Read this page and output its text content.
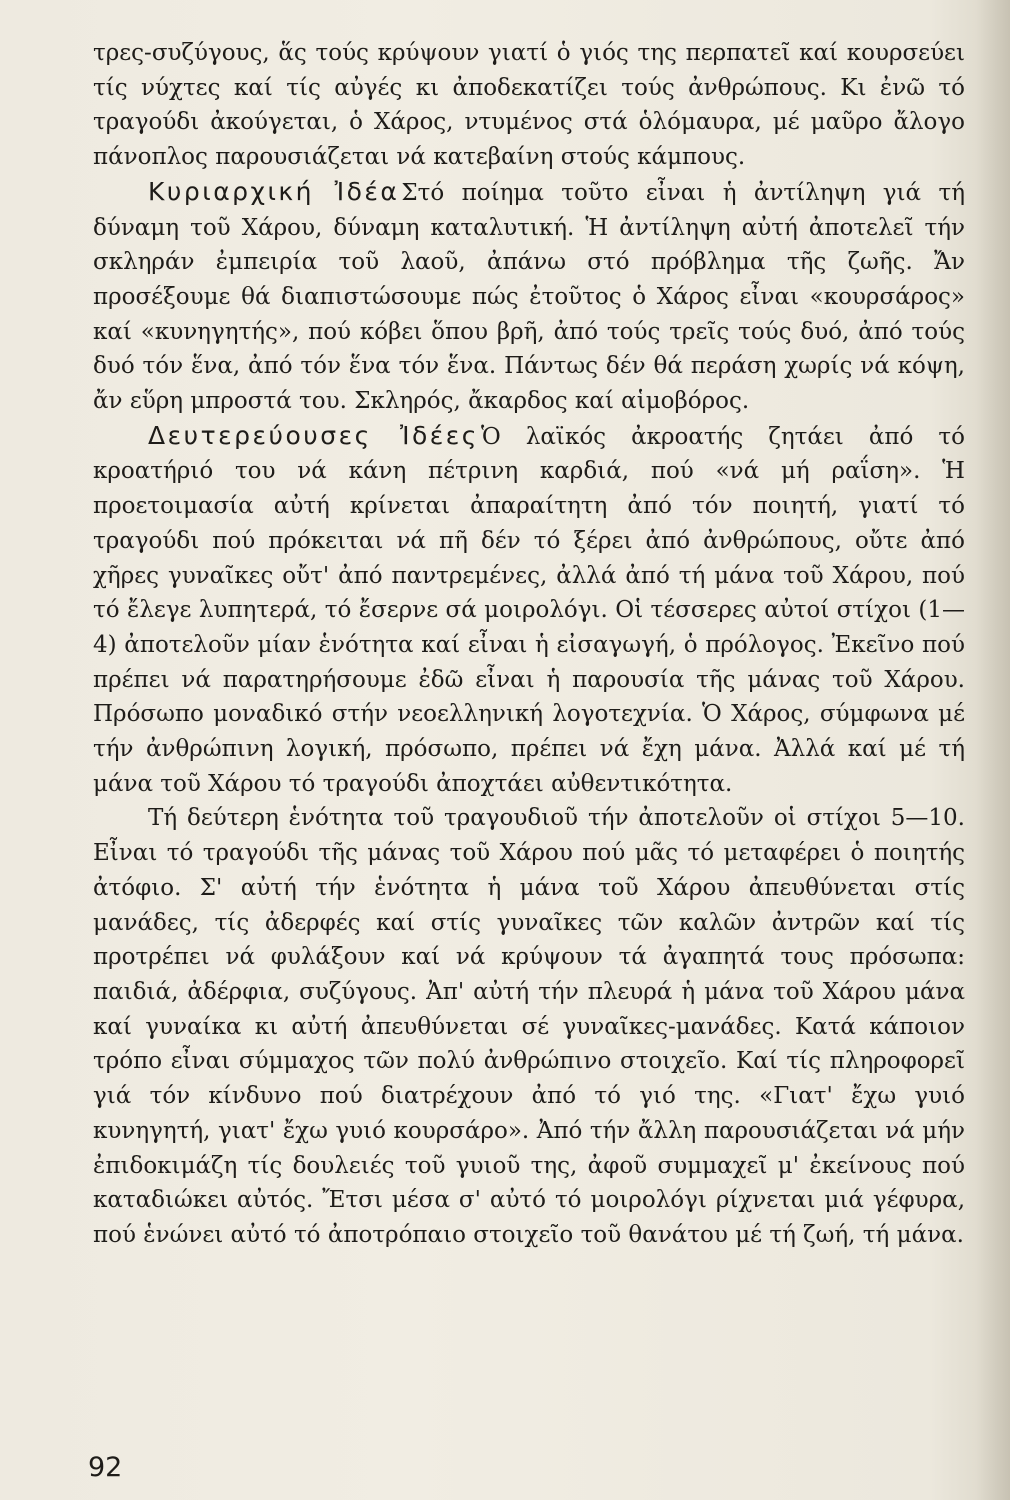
τρες-συζύγους, ἅς τούς κρύψουν γιατί ὁ γιός της περπατεῖ καί κουρσεύει τίς νύχτες καί τίς αὐγές κι ἀποδεκατίζει τούς ἀνθρώπους. Κι ἐνῶ τό τραγούδι ἀκούγεται, ὁ Χάρος, ντυμένος στά ὁλόμαυρα, μέ μαῦρο ἄλογο πάνοπλος παρουσιάζεται νά κατεβαίνη στούς κάμπους.

Κυριαρχική ἸδέαΣτό ποίημα τοῦτο εἶναι ἡ ἀντίληψη γιά τή δύναμη τοῦ Χάρου, δύναμη καταλυτική. Ἡ ἀντίληψη αὐτή ἀποτελεῖ τήν σκληράν ἐμπειρία τοῦ λαοῦ, ἀπάνω στό πρόβλημα τῆς ζωῆς. Ἄν προσέξουμε θά διαπιστώσουμε πώς ἐτοῦτος ὁ Χάρος εἶναι «κουρσάρος» καί «κυνηγητής», πού κόβει ὅπου βρῆ, ἀπό τούς τρεῖς τούς δυό, ἀπό τούς δυό τόν ἕνα, ἀπό τόν ἕνα τόν ἕνα. Πάντως δέν θά περάση χωρίς νά κόψη, ἄν εὕρη μπροστά του. Σκληρός, ἄκαρδος καί αἱμοβόρος.

Δευτερεύουσες ἸδέεςὉ λαϊκός ἀκροατής ζητάει ἀπό τό κροατήριό του νά κάνη πέτρινη καρδιά, πού «νά μή ραΐση». Ἡ προετοιμασία αὐτή κρίνεται ἀπαραίτητη ἀπό τόν ποιητή, γιατί τό τραγούδι πού πρόκειται νά πῆ δέν τό ξέρει ἀπό ἀνθρώπους, οὔτε ἀπό χῆρες γυναῖκες οὔτ' ἀπό παντρεμένες, ἀλλά ἀπό τή μάνα τοῦ Χάρου, πού τό ἔλεγε λυπητερά, τό ἔσερνε σά μοιρολόγι. Οἱ τέσσερες αὐτοί στίχοι (1—4) ἀποτελοῦν μίαν ἑνότητα καί εἶναι ἡ εἰσαγωγή, ὁ πρόλογος. Ἐκεῖνο πού πρέπει νά παρατηρήσουμε ἐδῶ εἶναι ἡ παρουσία τῆς μάνας τοῦ Χάρου. Πρόσωπο μοναδικό στήν νεοελληνική λογοτεχνία. Ὁ Χάρος, σύμφωνα μέ τήν ἀνθρώπινη λογική, πρόσωπο, πρέπει νά ἔχη μάνα. Ἀλλά καί μέ τή μάνα τοῦ Χάρου τό τραγούδι ἀποχτάει αὐθεντικότητα.

Τή δεύτερη ἑνότητα τοῦ τραγουδιοῦ τήν ἀποτελοῦν οἱ στίχοι 5—10. Εἶναι τό τραγούδι τῆς μάνας τοῦ Χάρου πού μᾶς τό μεταφέρει ὁ ποιητής ἀτόφιο. Σ' αὐτή τήν ἑνότητα ἡ μάνα τοῦ Χάρου ἀπευθύνεται στίς μανάδες, τίς ἀδερφές καί στίς γυναῖκες τῶν καλῶν ἀντρῶν καί τίς προτρέπει νά φυλάξουν καί νά κρύψουν τά ἀγαπητά τους πρόσωπα: παιδιά, ἀδέρφια, συζύγους. Ἀπ' αὐτή τήν πλευρά ἡ μάνα τοῦ Χάρου μάνα καί γυναίκα κι αὐτή ἀπευθύνεται σέ γυναῖκες-μανάδες. Κατά κάποιον τρόπο εἶναι σύμμαχος τῶν πολύ ἀνθρώπινο στοιχεῖο. Καί τίς πληροφορεῖ γιά τόν κίνδυνο πού διατρέχουν ἀπό τό γιό της. «Γιατ' ἔχω γυιό κυνηγητή, γιατ' ἔχω γυιό κουρσάρο». Ἀπό τήν ἄλλη παρουσιάζεται νά μήν ἐπιδοκιμάζη τίς δουλειές τοῦ γυιοῦ της, ἀφοῦ συμμαχεῖ μ' ἐκείνους πού καταδιώκει αὐτός. Ἔτσι μέσα σ' αὐτό τό μοιρολόγι ρίχνεται μιά γέφυρα, πού ἑνώνει αὐτό τό ἀποτρόπαιο στοιχεῖο τοῦ θανάτου μέ τή ζωή, τή μάνα.

92
